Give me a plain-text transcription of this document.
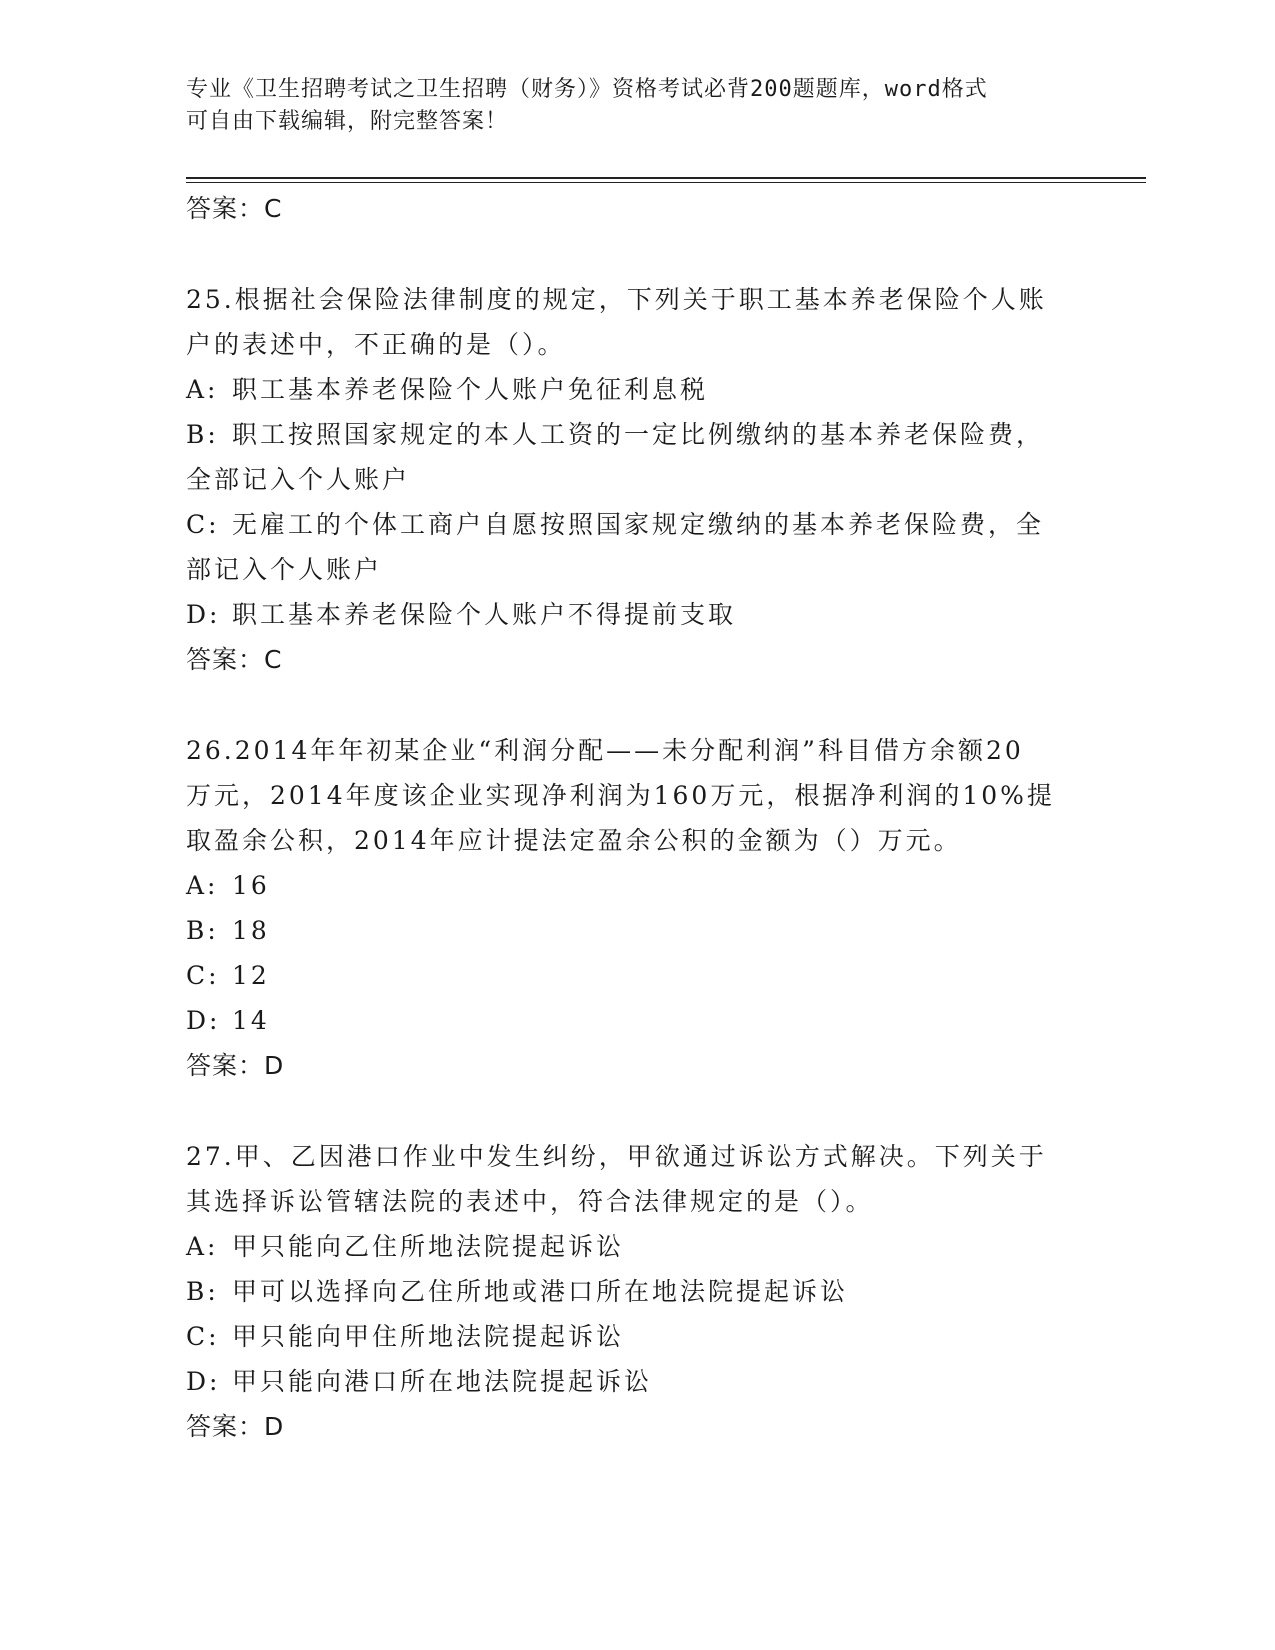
专业《卫生招聘考试之卫生招聘（财务）》资格考试必背200题题库，word格式
可自由下载编辑，附完整答案！
答案：C
25.根据社会保险法律制度的规定，下列关于职工基本养老保险个人账
户的表述中，不正确的是（）。
A: 职工基本养老保险个人账户免征利息税
B: 职工按照国家规定的本人工资的一定比例缴纳的基本养老保险费，
全部记入个人账户
C: 无雇工的个体工商户自愿按照国家规定缴纳的基本养老保险费，全
部记入个人账户
D: 职工基本养老保险个人账户不得提前支取
答案：C
26.2014年年初某企业“利润分配——未分配利润”科目借方余额20
万元，2014年度该企业实现净利润为160万元，根据净利润的10%提
取盈余公积，2014年应计提法定盈余公积的金额为（）万元。
A: 16
B: 18
C: 12
D: 14
答案：D
27.甲、乙因港口作业中发生纠纷，甲欲通过诉讼方式解决。下列关于
其选择诉讼管辖法院的表述中，符合法律规定的是（）。
A: 甲只能向乙住所地法院提起诉讼
B: 甲可以选择向乙住所地或港口所在地法院提起诉讼
C: 甲只能向甲住所地法院提起诉讼
D: 甲只能向港口所在地法院提起诉讼
答案：D
